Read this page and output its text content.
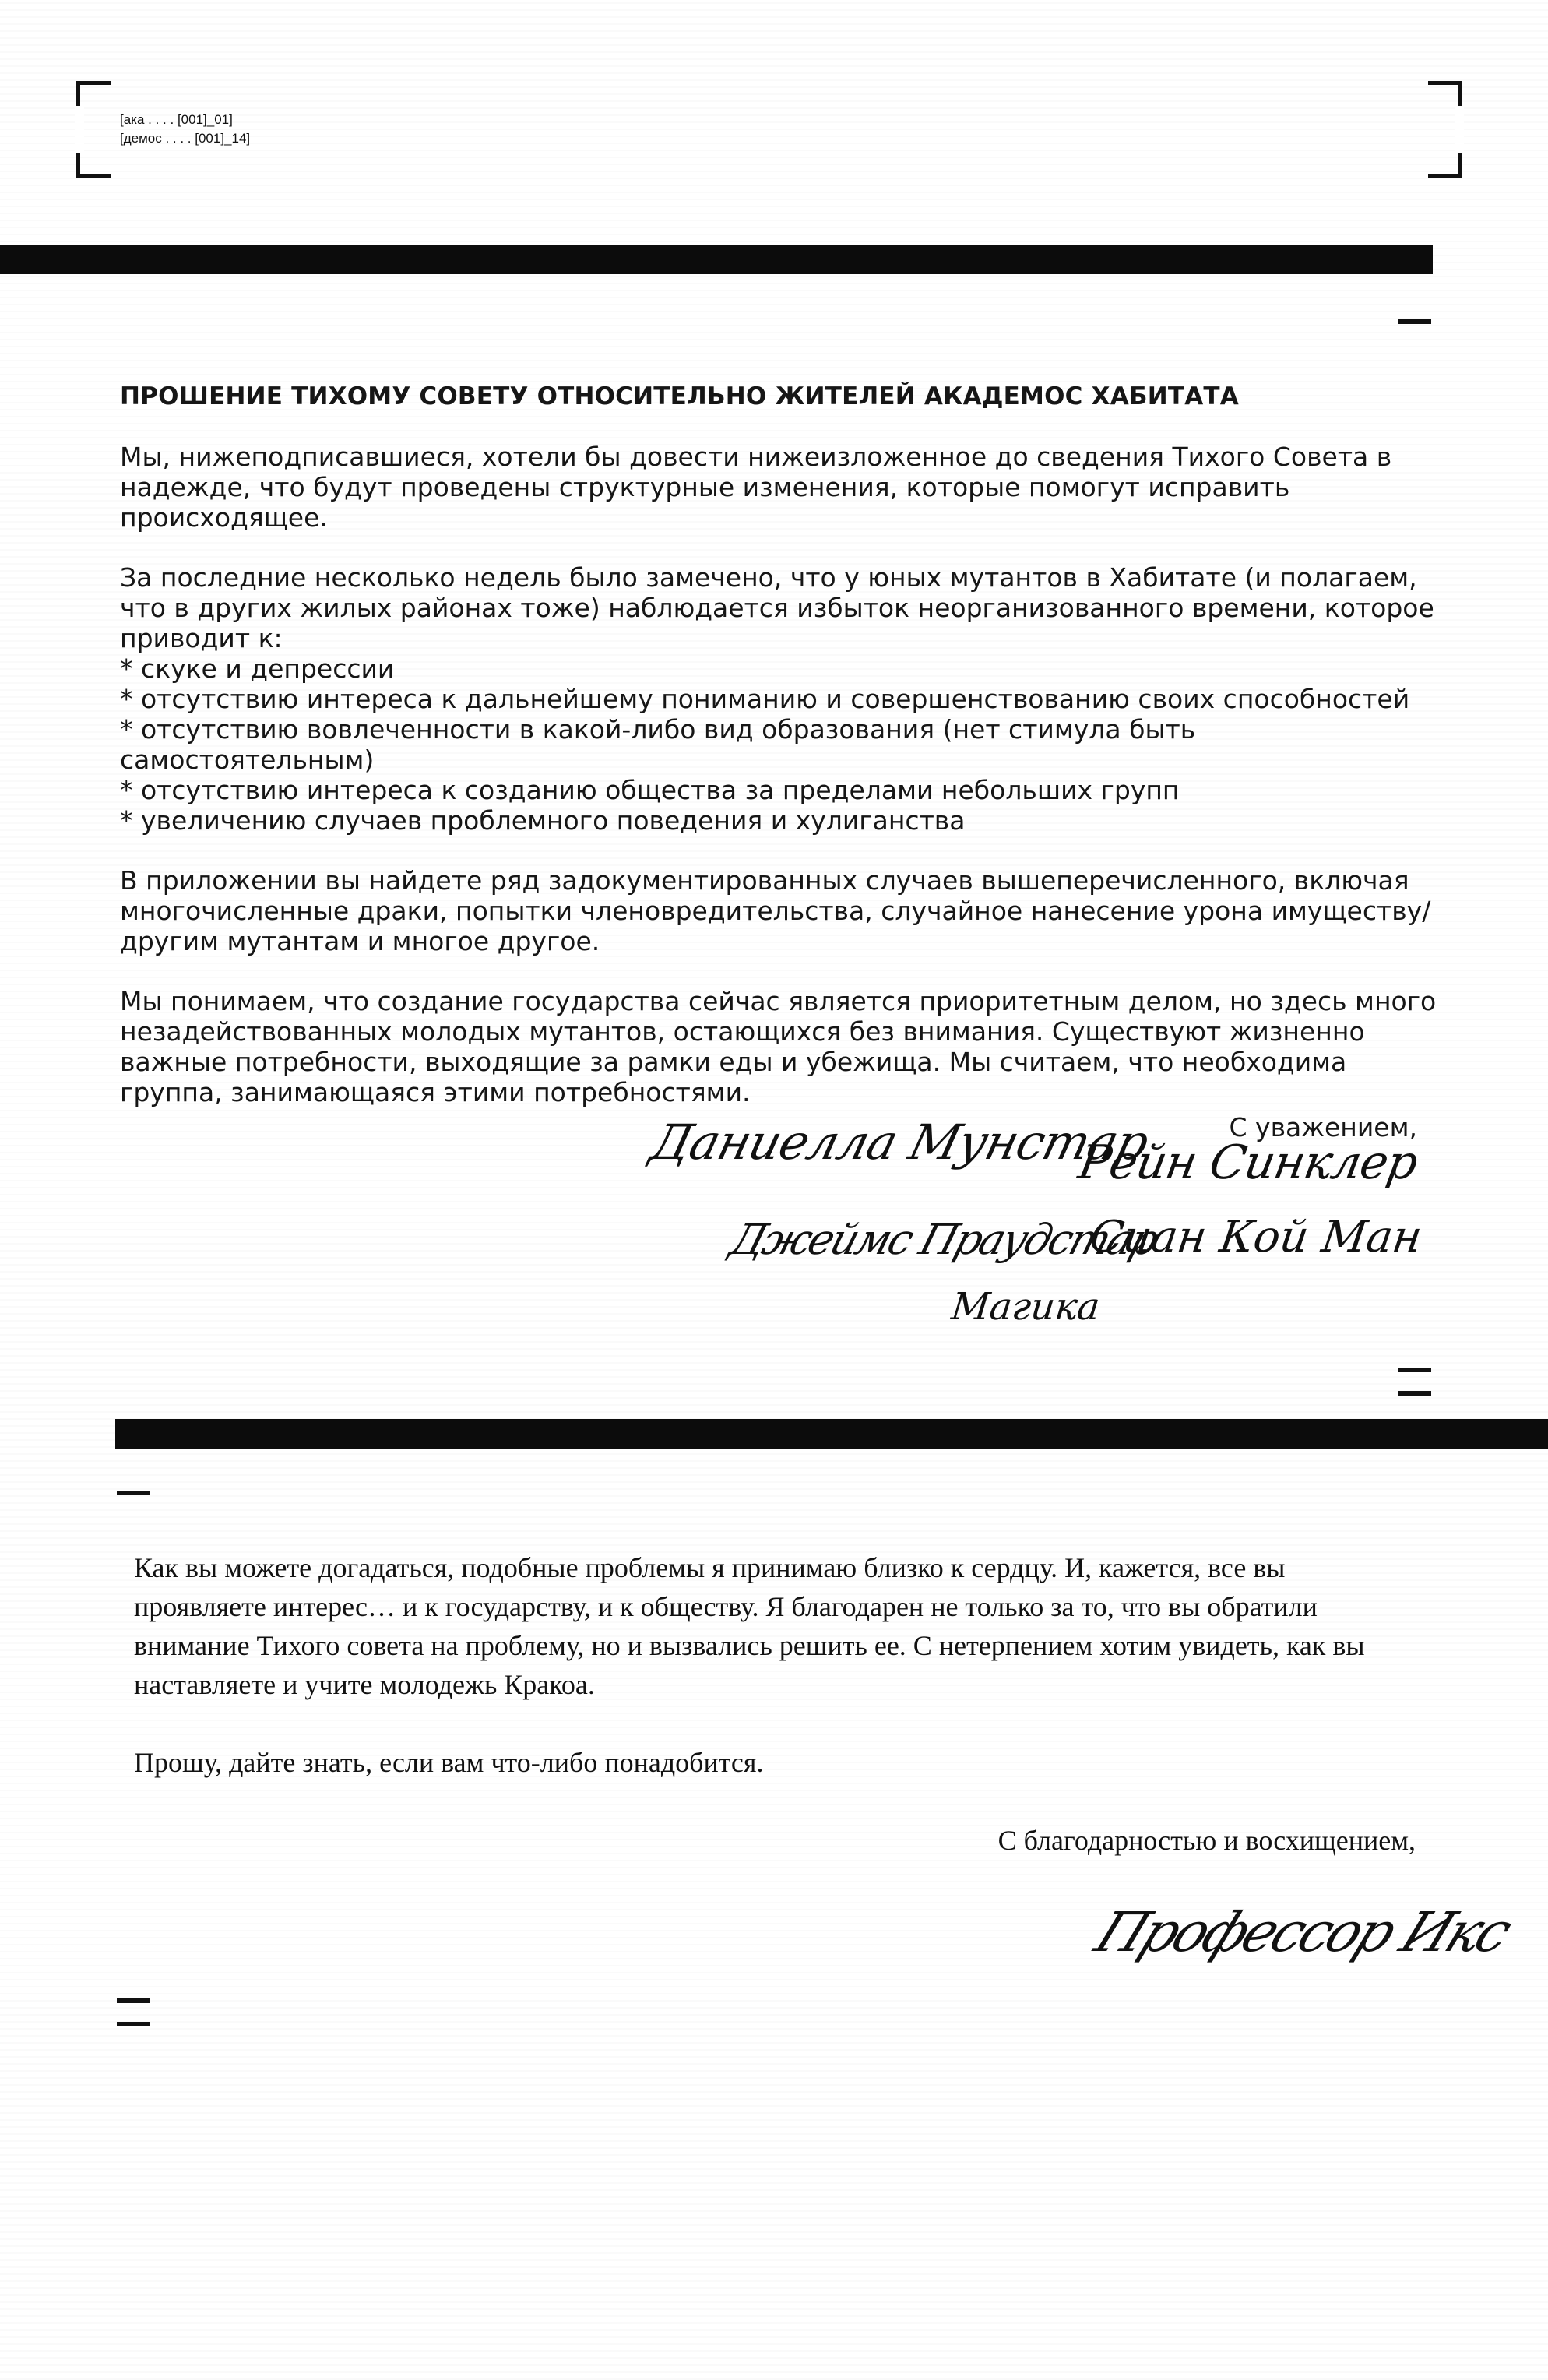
[ака . . . . [001]_01]
[демос . . . . [001]_14]
ПРОШЕНИЕ ТИХОМУ СОВЕТУ ОТНОСИТЕЛЬНО ЖИТЕЛЕЙ АКАДЕМОС ХАБИТАТА

Мы, нижеподписавшиеся, хотели бы довести нижеизложенное до сведения Тихого Совета в надежде, что будут проведены структурные изменения, которые помогут исправить происходящее.

За последние несколько недель было замечено, что у юных мутантов в Хабитате (и полагаем, что в других жилых районах тоже) наблюдается избыток неорганизованного времени, которое приводит к:
* скуке и депрессии
* отсутствию интереса к дальнейшему пониманию и совершенствованию своих способностей
* отсутствию вовлеченности в какой-либо вид образования (нет стимула быть самостоятельным)
* отсутствию интереса к созданию общества за пределами небольших групп
* увеличению случаев проблемного поведения и хулиганства

В приложении вы найдете ряд задокументированных случаев вышеперечисленного, включая многочисленные драки, попытки членовредительства, случайное нанесение урона имуществу/другим мутантам и многое другое.

Мы понимаем, что создание государства сейчас является приоритетным делом, но здесь много незадействованных молодых мутантов, остающихся без внимания. Существуют жизненно важные потребности, выходящие за рамки еды и убежища. Мы считаем, что необходима группа, занимающаяся этими потребностями.

С уважением,
Даниелла Мунстар
Рейн Синклер
Джеймс Праудстар
Сиан Кой Ман
Магика

Как вы можете догадаться, подобные проблемы я принимаю близко к сердцу. И, кажется, все вы проявляете интерес… и к государству, и к обществу. Я благодарен не только за то, что вы обратили внимание Тихого совета на проблему, но и вызвались решить ее. С нетерпением хотим увидеть, как вы наставляете и учите молодежь Кракоа.

Прошу, дайте знать, если вам что-либо понадобится.

С благодарностью и восхищением,
Профессор Икс
